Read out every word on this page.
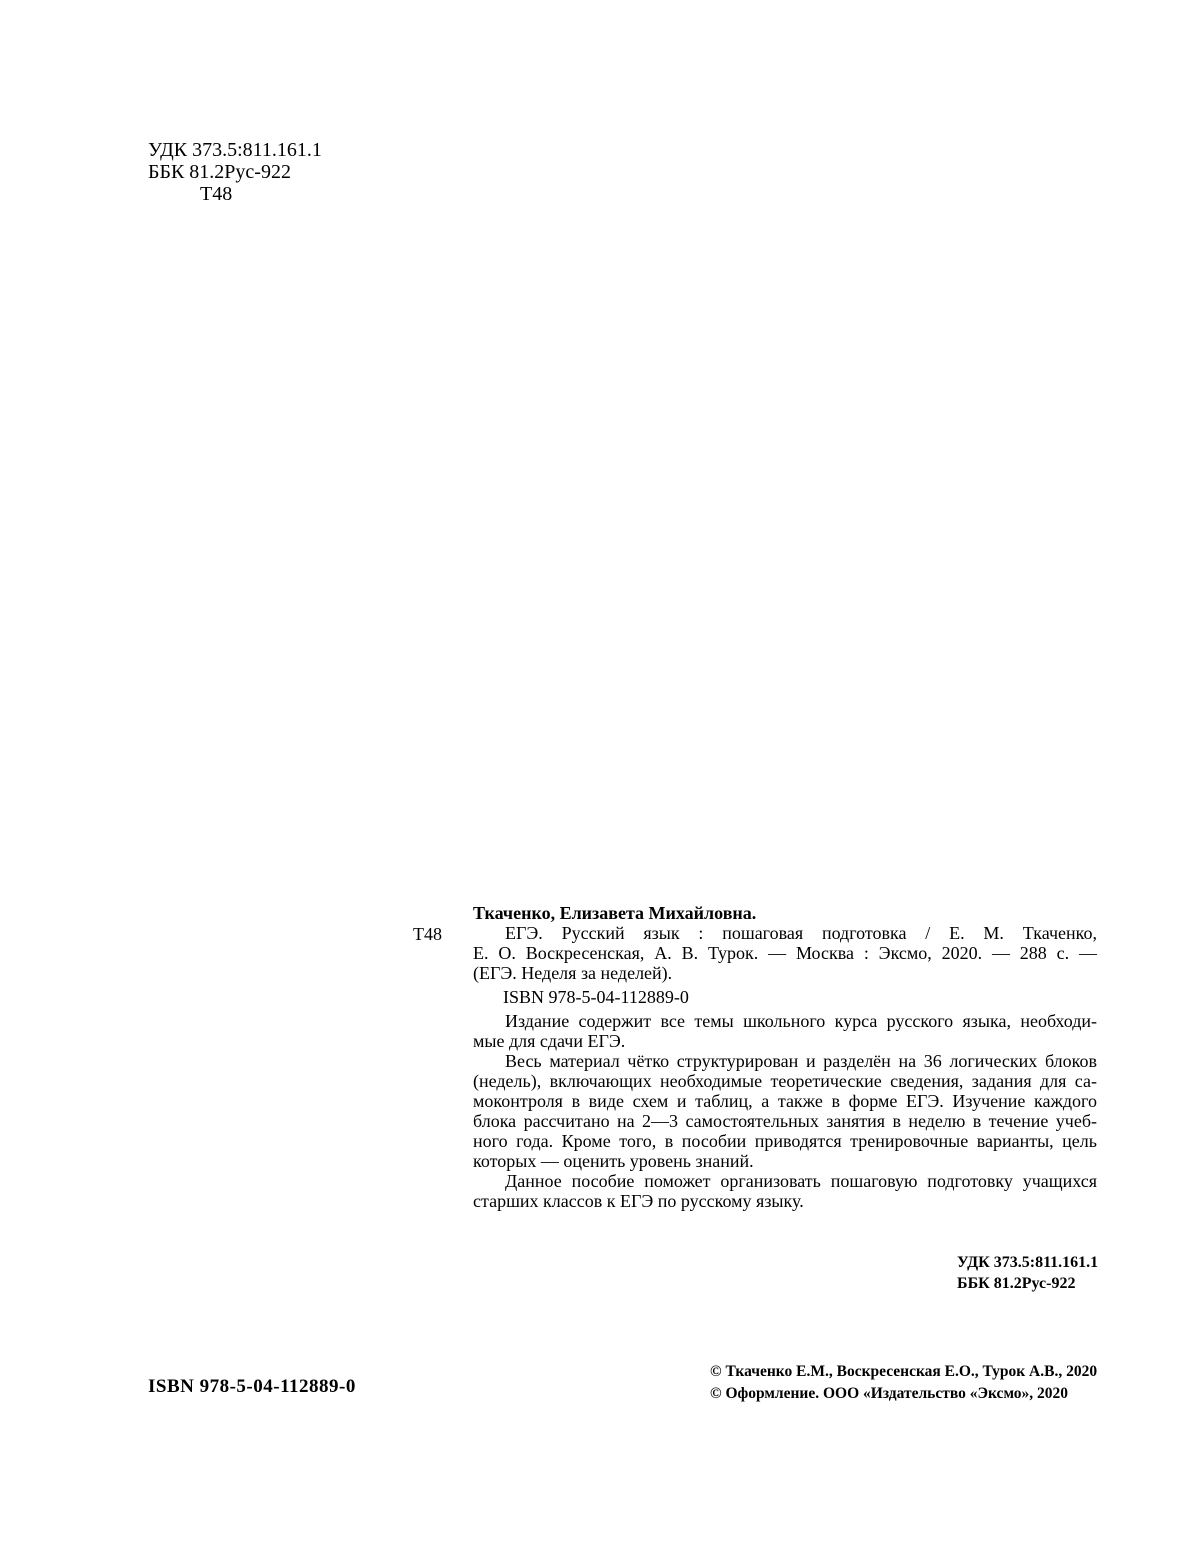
УДК 373.5:811.161.1
ББК 81.2Рус-922
Т48
Т48
Ткаченко, Елизавета Михайловна.
ЕГЭ. Русский язык : пошаговая подготовка / Е. М. Ткаченко,
Е. О. Воскресенская, А. В. Турок. — Москва : Эксмо, 2020. — 288 с. —
(ЕГЭ. Неделя за неделей).
ISBN 978-5-04-112889-0
Издание содержит все темы школьного курса русского языка, необходи-
мые для сдачи ЕГЭ.
Весь материал чётко структурирован и разделён на 36 логических блоков
(недель), включающих необходимые теоретические сведения, задания для са-
моконтроля в виде схем и таблиц, а также в форме ЕГЭ. Изучение каждого
блока рассчитано на 2—3 самостоятельных занятия в неделю в течение учеб-
ного года. Кроме того, в пособии приводятся тренировочные варианты, цель
которых — оценить уровень знаний.
Данное пособие поможет организовать пошаговую подготовку учащихся
старших классов к ЕГЭ по русскому языку.
УДК 373.5:811.161.1
ББК 81.2Рус-922
ISBN 978-5-04-112889-0
© Ткаченко Е.М., Воскресенская Е.О., Турок А.В., 2020
© Оформление. ООО «Издательство «Эксмо», 2020
